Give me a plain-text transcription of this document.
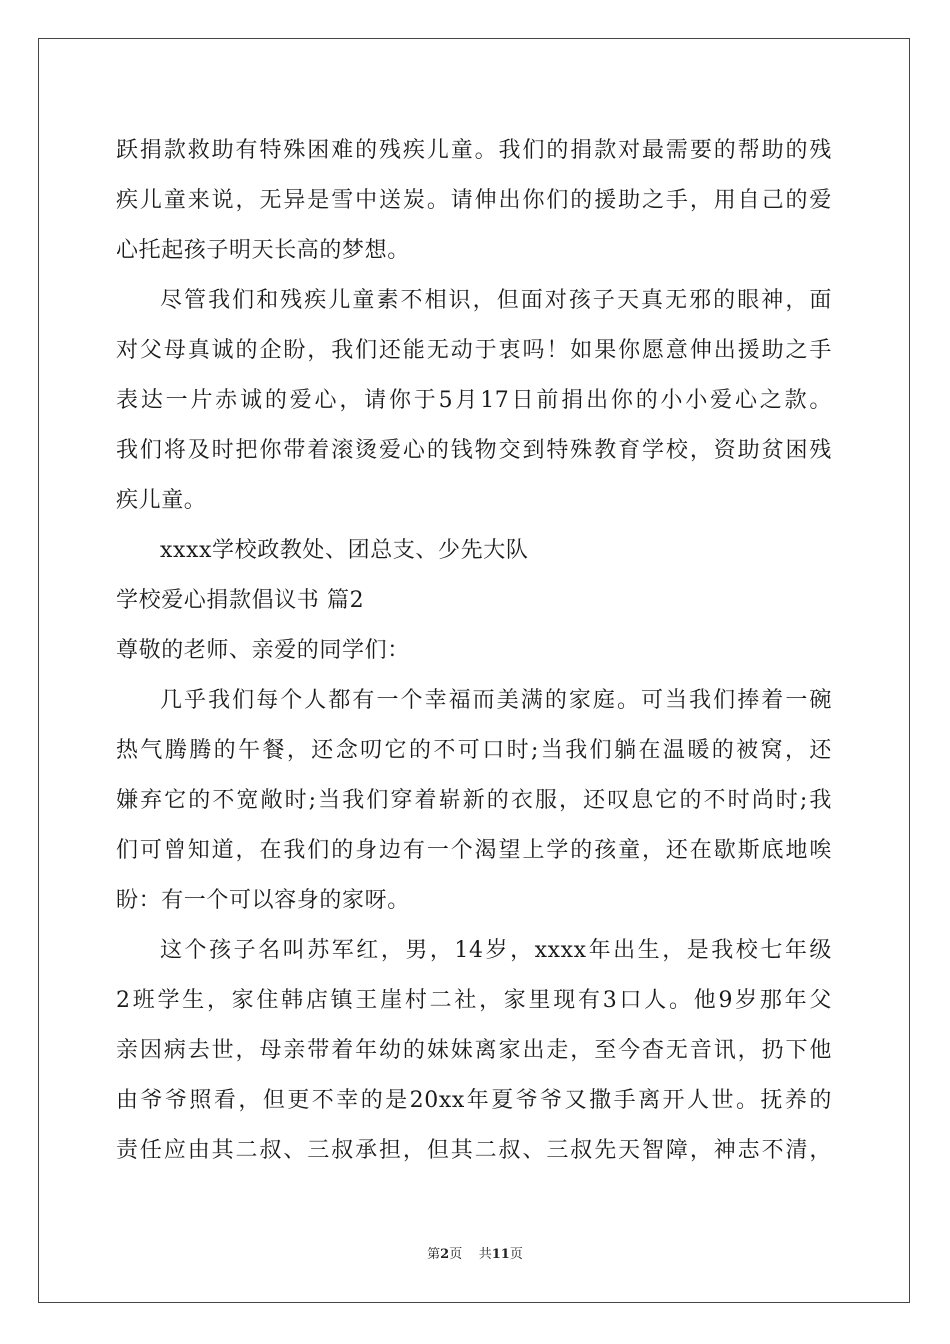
跃捐款救助有特殊困难的残疾儿童。我们的捐款对最需要的帮助的残
疾儿童来说，无异是雪中送炭。请伸出你们的援助之手，用自己的爱
心托起孩子明天长高的梦想。
尽管我们和残疾儿童素不相识，但面对孩子天真无邪的眼神，面
对父母真诚的企盼，我们还能无动于衷吗！如果你愿意伸出援助之手
表达一片赤诚的爱心，请你于5月17日前捐出你的小小爱心之款。
我们将及时把你带着滚烫爱心的钱物交到特殊教育学校，资助贫困残
疾儿童。
xxxx学校政教处、团总支、少先大队
学校爱心捐款倡议书 篇2
尊敬的老师、亲爱的同学们：
几乎我们每个人都有一个幸福而美满的家庭。可当我们捧着一碗
热气腾腾的午餐，还念叨它的不可口时;当我们躺在温暖的被窝，还
嫌弃它的不宽敞时;当我们穿着崭新的衣服，还叹息它的不时尚时;我
们可曾知道，在我们的身边有一个渴望上学的孩童，还在歇斯底地唉
盼：有一个可以容身的家呀。
这个孩子名叫苏军红，男，14岁，xxxx年出生，是我校七年级
2班学生，家住韩店镇王崖村二社，家里现有3口人。他9岁那年父
亲因病去世，母亲带着年幼的妹妹离家出走，至今杳无音讯，扔下他
由爷爷照看，但更不幸的是20xx年夏爷爷又撒手离开人世。抚养的
责任应由其二叔、三叔承担，但其二叔、三叔先天智障，神志不清，
第2页 共11页
